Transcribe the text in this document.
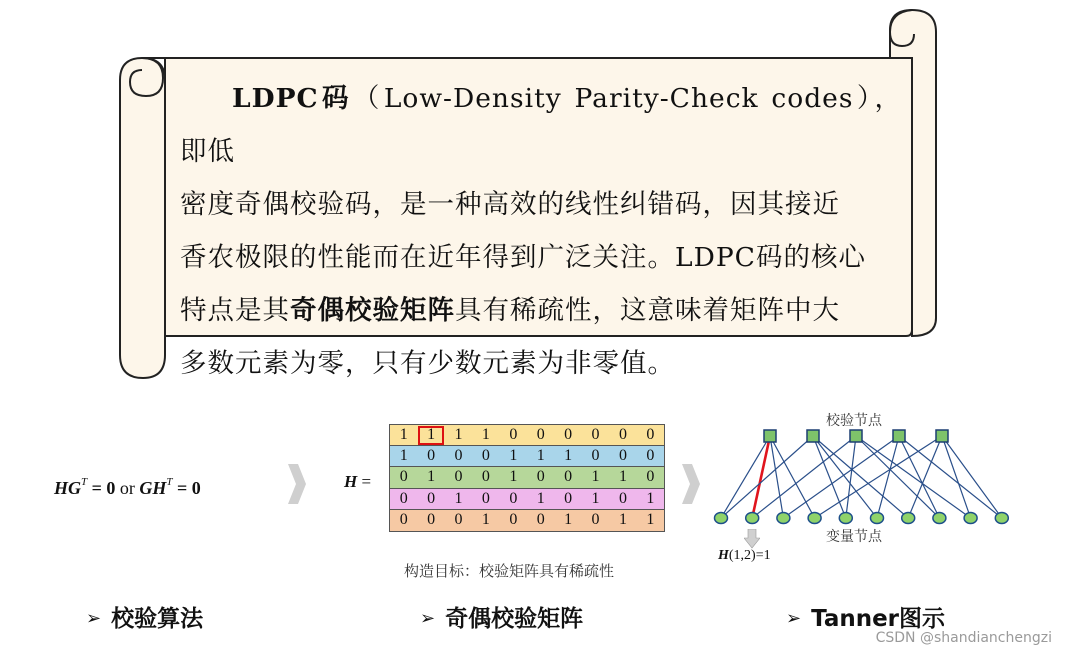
LDPC码（Low-Density Parity-Check codes），即低
密度奇偶校验码，是一种高效的线性纠错码，因其接近
香农极限的性能而在近年得到广泛关注。LDPC码的核心
特点是其奇偶校验矩阵具有稀疏性，这意味着矩阵中大
多数元素为零，只有少数元素为非零值。
$HG^T = 0$ or $GH^T = 0$	H =
1	1	1	1	0	0	0	0	0	0
1	0	0	0	1	1	1	0	0	0
0	1	0	0	1	0	0	1	1	0
0	0	1	0	0	1	0	1	0	1
0	0	0	1	0	0	1	0	1	1
构造目标：校验矩阵具有稀疏性
校验节点
变量节点
H(1,2)=1
➢ 校验算法	➢ 奇偶校验矩阵	➢ Tanner图示
CSDN @shandianchengzi
